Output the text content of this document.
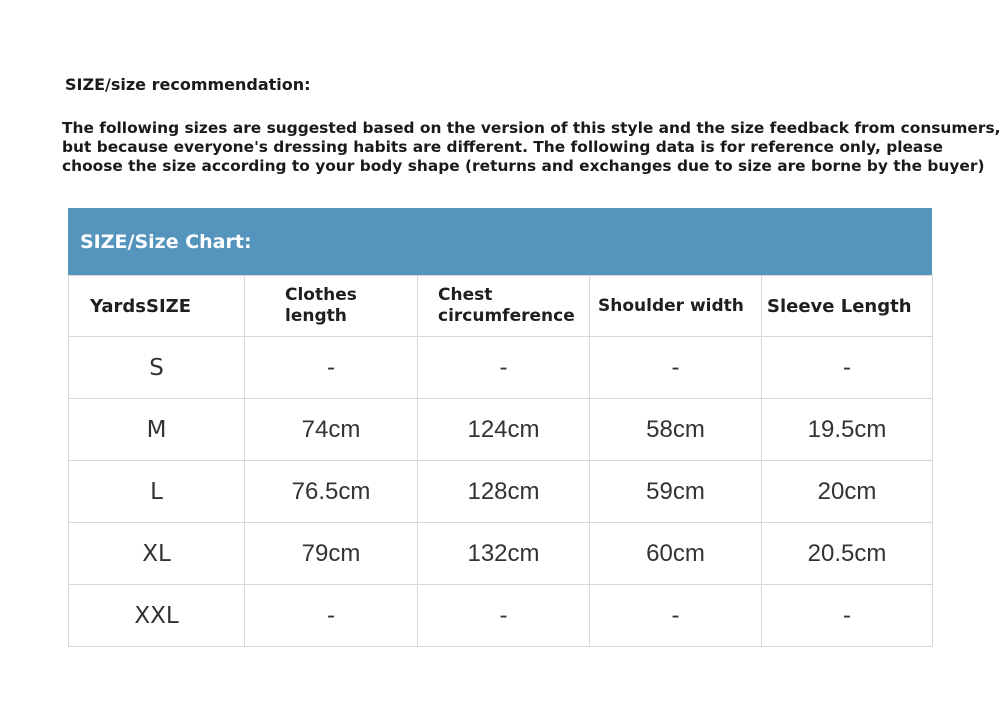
SIZE/size recommendation:
The following sizes are suggested based on the version of this style and the size feedback from consumers,
but because everyone's dressing habits are different. The following data is for reference only, please
choose the size according to your body shape (returns and exchanges due to size are borne by the buyer)
SIZE/Size Chart:
YardsSIZE	Clothes length	Chest circumference	Shoulder width	Sleeve Length
S	-	-	-	-
M	74cm	124cm	58cm	19.5cm
L	76.5cm	128cm	59cm	20cm
XL	79cm	132cm	60cm	20.5cm
XXL	-	-	-	-
